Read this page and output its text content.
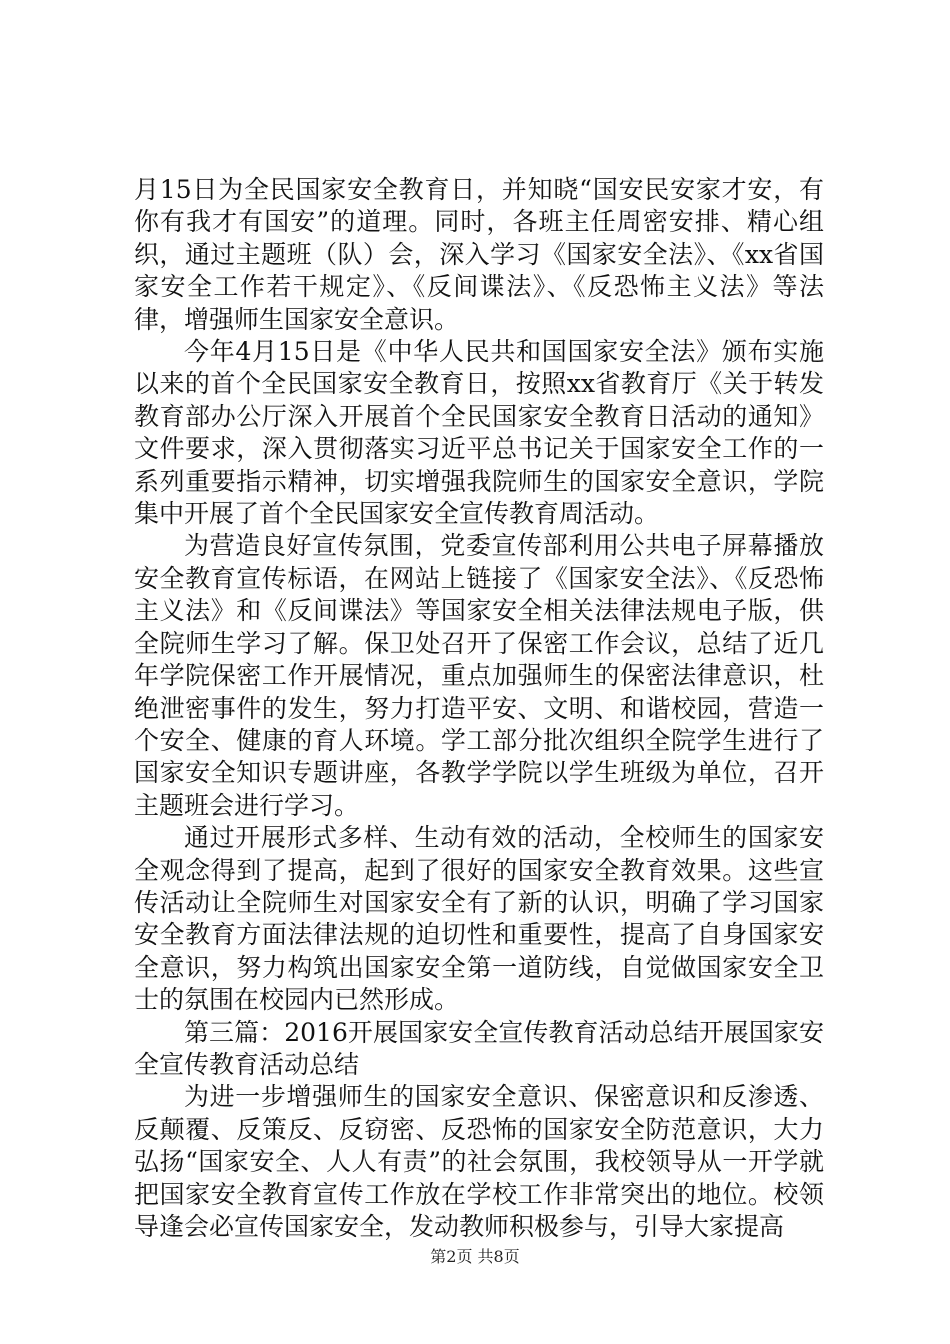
月15日为全民国家安全教育日，并知晓“国安民安家才安，有你有我才有国安”的道理。同时，各班主任周密安排、精心组织，通过主题班（队）会，深入学习《国家安全法》、《xx省国家安全工作若干规定》、《反间谍法》、《反恐怖主义法》等法律，增强师生国家安全意识。

今年4月15日是《中华人民共和国国家安全法》颁布实施以来的首个全民国家安全教育日，按照xx省教育厅《关于转发教育部办公厅深入开展首个全民国家安全教育日活动的通知》文件要求，深入贯彻落实习近平总书记关于国家安全工作的一系列重要指示精神，切实增强我院师生的国家安全意识，学院集中开展了首个全民国家安全宣传教育周活动。

为营造良好宣传氛围，党委宣传部利用公共电子屏幕播放安全教育宣传标语，在网站上链接了《国家安全法》、《反恐怖主义法》和《反间谍法》等国家安全相关法律法规电子版，供全院师生学习了解。保卫处召开了保密工作会议，总结了近几年学院保密工作开展情况，重点加强师生的保密法律意识，杜绝泄密事件的发生，努力打造平安、文明、和谐校园，营造一个安全、健康的育人环境。学工部分批次组织全院学生进行了国家安全知识专题讲座，各教学学院以学生班级为单位，召开主题班会进行学习。

通过开展形式多样、生动有效的活动，全校师生的国家安全观念得到了提高，起到了很好的国家安全教育效果。这些宣传活动让全院师生对国家安全有了新的认识，明确了学习国家安全教育方面法律法规的迫切性和重要性，提高了自身国家安全意识，努力构筑出国家安全第一道防线，自觉做国家安全卫士的氛围在校园内已然形成。

第三篇：2016开展国家安全宣传教育活动总结开展国家安全宣传教育活动总结

为进一步增强师生的国家安全意识、保密意识和反渗透、反颠覆、反策反、反窃密、反恐怖的国家安全防范意识，大力弘扬“国家安全、人人有责”的社会氛围，我校领导从一开学就把国家安全教育宣传工作放在学校工作非常突出的地位。校领导逢会必宣传国家安全，发动教师积极参与，引导大家提高

第2页 共8页
